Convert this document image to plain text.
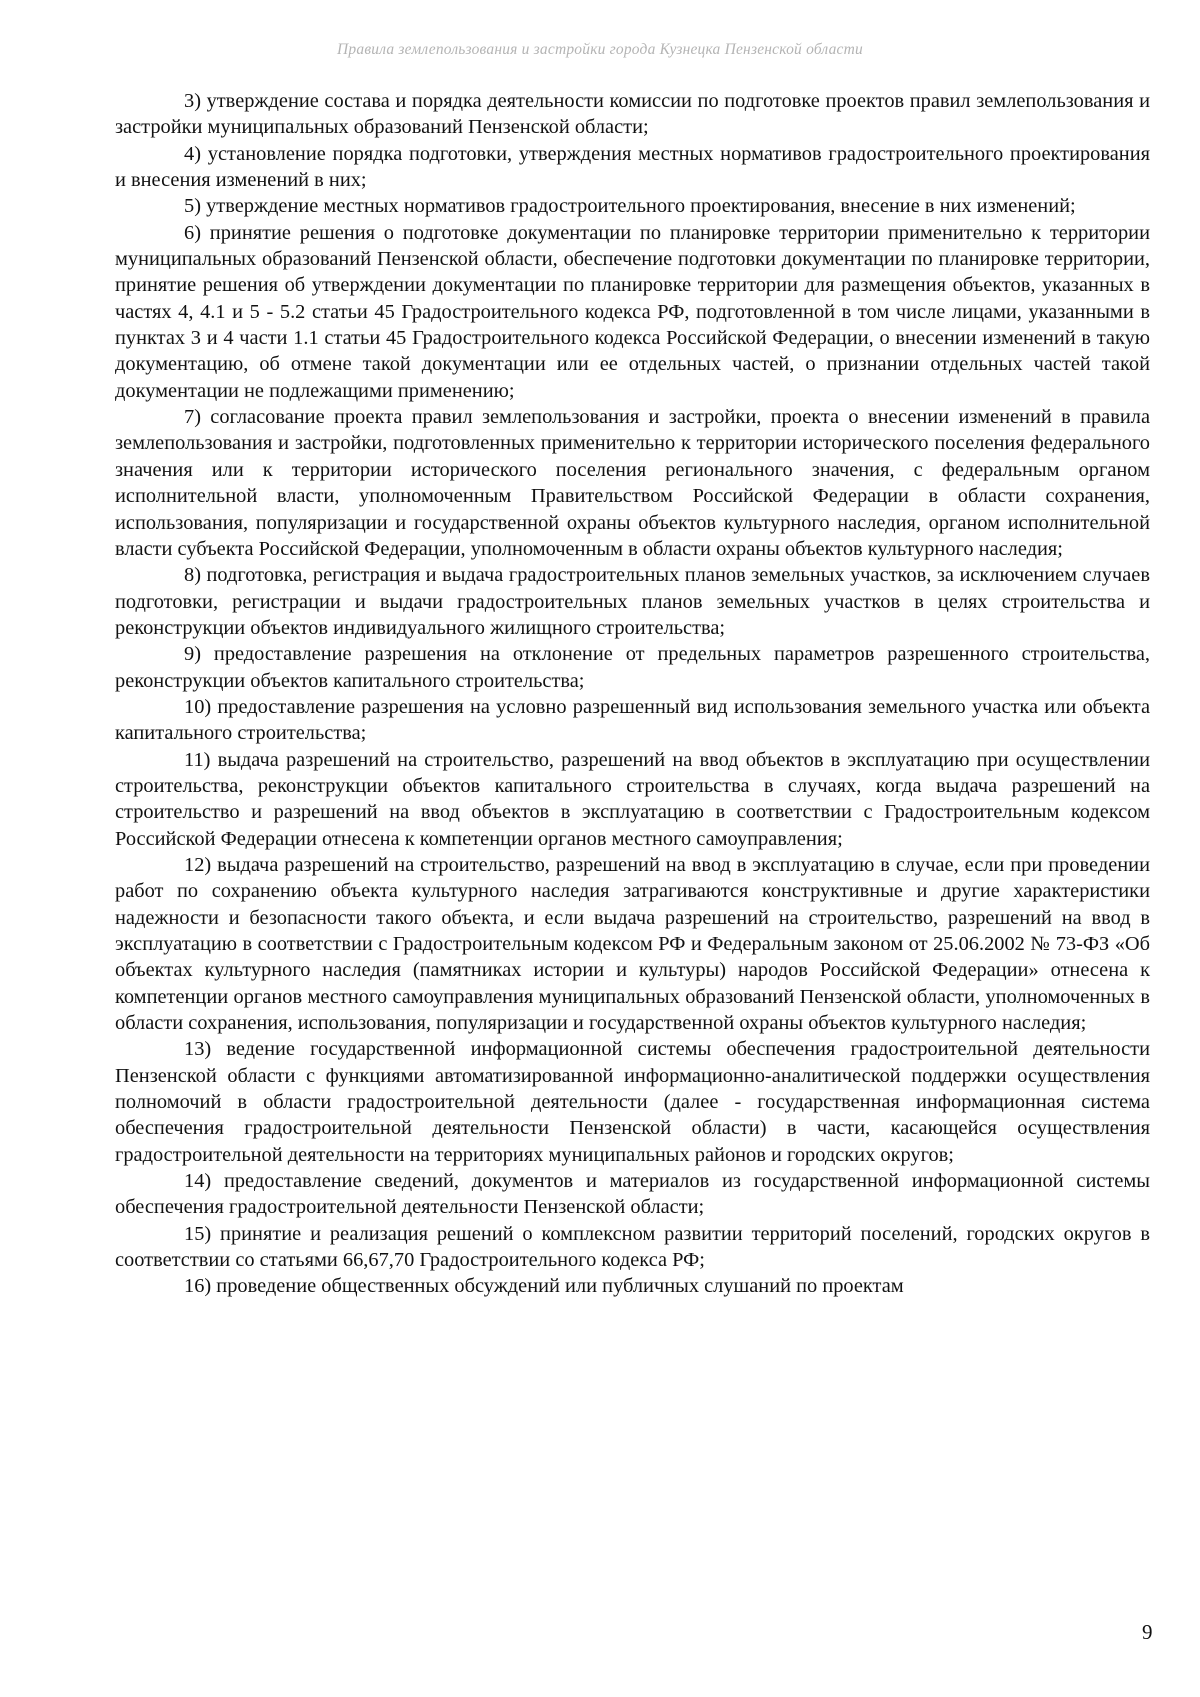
Правила землепользования и застройки города Кузнецка Пензенской области

3) утверждение состава и порядка деятельности комиссии по подготовке проектов правил землепользования и застройки муниципальных образований Пензенской области;

4) установление порядка подготовки, утверждения местных нормативов градостроительного проектирования и внесения изменений в них;

5) утверждение местных нормативов градостроительного проектирования, внесение в них изменений;

6) принятие решения о подготовке документации по планировке территории применительно к территории муниципальных образований Пензенской области, обеспечение подготовки документации по планировке территории, принятие решения об утверждении документации по планировке территории для размещения объектов, указанных в частях 4, 4.1 и 5 - 5.2 статьи 45 Градостроительного кодекса РФ, подготовленной в том числе лицами, указанными в пунктах 3 и 4 части 1.1 статьи 45 Градостроительного кодекса Российской Федерации, о внесении изменений в такую документацию, об отмене такой документации или ее отдельных частей, о признании отдельных частей такой документации не подлежащими применению;

7) согласование проекта правил землепользования и застройки, проекта о внесении изменений в правила землепользования и застройки, подготовленных применительно к территории исторического поселения федерального значения или к территории исторического поселения регионального значения, с федеральным органом исполнительной власти, уполномоченным Правительством Российской Федерации в области сохранения, использования, популяризации и государственной охраны объектов культурного наследия, органом исполнительной власти субъекта Российской Федерации, уполномоченным в области охраны объектов культурного наследия;

8) подготовка, регистрация и выдача градостроительных планов земельных участков, за исключением случаев подготовки, регистрации и выдачи градостроительных планов земельных участков в целях строительства и реконструкции объектов индивидуального жилищного строительства;

9) предоставление разрешения на отклонение от предельных параметров разрешенного строительства, реконструкции объектов капитального строительства;

10) предоставление разрешения на условно разрешенный вид использования земельного участка или объекта капитального строительства;

11) выдача разрешений на строительство, разрешений на ввод объектов в эксплуатацию при осуществлении строительства, реконструкции объектов капитального строительства в случаях, когда выдача разрешений на строительство и разрешений на ввод объектов в эксплуатацию в соответствии с Градостроительным кодексом Российской Федерации отнесена к компетенции органов местного самоуправления;

12) выдача разрешений на строительство, разрешений на ввод в эксплуатацию в случае, если при проведении работ по сохранению объекта культурного наследия затрагиваются конструктивные и другие характеристики надежности и безопасности такого объекта, и если выдача разрешений на строительство, разрешений на ввод в эксплуатацию в соответствии с Градостроительным кодексом РФ и Федеральным законом от 25.06.2002 № 73-ФЗ «Об объектах культурного наследия (памятниках истории и культуры) народов Российской Федерации» отнесена к компетенции органов местного самоуправления муниципальных образований Пензенской области, уполномоченных в области сохранения, использования, популяризации и государственной охраны объектов культурного наследия;

13) ведение государственной информационной системы обеспечения градостроительной деятельности Пензенской области с функциями автоматизированной информационно-аналитической поддержки осуществления полномочий в области градостроительной деятельности (далее - государственная информационная система обеспечения градостроительной деятельности Пензенской области) в части, касающейся осуществления градостроительной деятельности на территориях муниципальных районов и городских округов;

14) предоставление сведений, документов и материалов из государственной информационной системы обеспечения градостроительной деятельности Пензенской области;

15) принятие и реализация решений о комплексном развитии территорий поселений, городских округов в соответствии со статьями 66,67,70 Градостроительного кодекса РФ;

16) проведение общественных обсуждений или публичных слушаний по проектам

9
